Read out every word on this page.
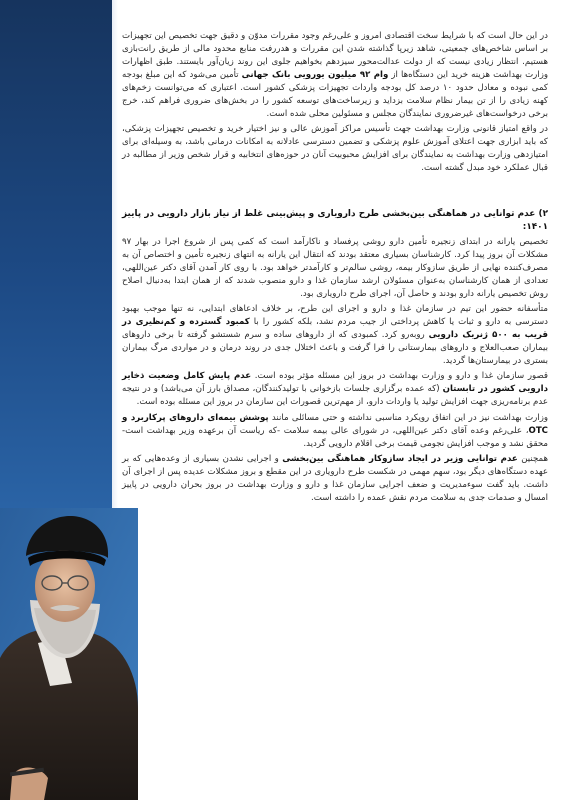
در این حال است که با شرایط سخت اقتصادی امروز و علی‌رغم وجود مقررات مدوّن و دقیق جهت تخصیص این تجهیزات بر اساس شاخص‌های جمعیتی، شاهد زیرپا گذاشته شدن این مقررات و هدررفت منابع محدود مالی از طریق رانت‌بازی هستیم. انتظار زیادی نیست که از دولت عدالت‌محور سیزدهم بخواهیم جلوی این روند زیان‌آور بایستند. طبق اظهارات وزارت بهداشت هزینه خرید این دستگاه‌ها از وام ۹۲ میلیون یورویی بانک جهانی تأمین می‌شود که این مبلغ بودجه کمی نبوده و معادل حدود ۱۰ درصد کل بودجه واردات تجهیزات پزشکی کشور است. اعتباری که می‌توانست زخم‌های کهنه زیادی را از تن بیمار نظام سلامت بزداید و زیرساخت‌های توسعه کشور را در بخش‌های ضروری فراهم کند، خرج برخی درخواست‌های غیرضروری نمایندگان مجلس و مسئولین محلی شده است.

در واقع امتیاز قانونی وزارت بهداشت جهت تأسیس مراکز آموزش عالی و نیز اختیار خرید و تخصیص تجهیزات پزشکی، که باید ابزاری جهت اعتلای آموزش علوم پزشکی و تضمین دسترسی عادلانه به امکانات درمانی باشد، به وسیله‌ای برای امتیازدهی وزارت بهداشت به نمایندگان برای افزایش محبوبیت آنان در حوزه‌های انتخابیه و قرار شخص وزیر از مطالبه در قبال عملکرد خود مبدل گشته است.

۲) عدم توانایی در هماهنگی بین‌بخشی طرح دارویاری و پیش‌بینی غلط از نیاز بازار دارویی در پاییز ۱۴۰۱:

تخصیص یارانه در ابتدای زنجیره تأمین دارو روشی پرفساد و ناکارآمد است که کمی پس از شروع اجرا در بهار ۹۷ مشکلات آن بروز پیدا کرد. کارشناسان بسیاری معتقد بودند که انتقال این یارانه به انتهای زنجیره تأمین و اختصاص آن به مصرف‌کننده نهایی از طریق سازوکار بیمه، روشی سالم‌تر و کارآمدتر خواهد بود. با روی کار آمدن آقای دکتر عین‌اللهی، تعدادی از همان کارشناسان به‌عنوان مسئولان ارشد سازمان غذا و دارو منصوب شدند که از همان ابتدا به‌دنبال اصلاح روش تخصیص یارانه دارو بودند و حاصل آن، اجرای طرح دارویاری بود.

متأسفانه حضور این تیم در سازمان غذا و دارو و اجرای این طرح، بر خلاف ادعاهای ابتدایی، نه تنها موجب بهبود دسترسی به دارو و ثبات یا کاهش پرداختی از جیب مردم نشد، بلکه کشور را با کمبود گسترده و کم‌نظیری در قریب به ۵۰۰ ژنریک دارویی روبه‌رو کرد. کمبودی که از داروهای ساده و سرم شستشو گرفته تا برخی داروهای بیماران صعب‌العلاج و داروهای بیمارستانی را فرا گرفت و باعث اختلال جدی در روند درمان و در مواردی مرگ بیماران بستری در بیمارستان‌ها گردید.

قصور سازمان غذا و دارو و وزارت بهداشت در بروز این مسئله مؤثر بوده است. عدم پایش کامل وضعیت ذخایر دارویی کشور در تابستان (که عمده برگزاری جلسات بازخوانی با تولیدکنندگان، مصداق بارز آن می‌باشد) و در نتیجه عدم برنامه‌ریزی جهت افزایش تولید یا واردات دارو، از مهم‌ترین قصورات این سازمان در بروز این مسئله بوده است.

وزارت بهداشت نیز در این اتفاق رویکرد مناسبی نداشته و حتی مسائلی مانند پوشش بیمه‌ای داروهای پرکاربرد و OTC، علی‌رغم وعده آقای دکتر عین‌اللهی، در شورای عالی بیمه سلامت -که ریاست آن برعهده وزیر بهداشت است- محقق نشد و موجب افزایش نجومی قیمت برخی اقلام دارویی گردید.

همچنین عدم توانایی وزیر در ایجاد سازوکار هماهنگی بین‌بخشی و اجرایی نشدن بسیاری از وعده‌هایی که بر عهده دستگاه‌های دیگر بود، سهم مهمی در شکست طرح دارویاری در این مقطع و بروز مشکلات عدیده پس از اجرای آن داشت. باید گفت سوءمدیریت و ضعف اجرایی سازمان غذا و دارو و وزارت بهداشت در بروز بحران دارویی در پاییز امسال و صدمات جدی به سلامت مردم نقش عمده را داشته است.
